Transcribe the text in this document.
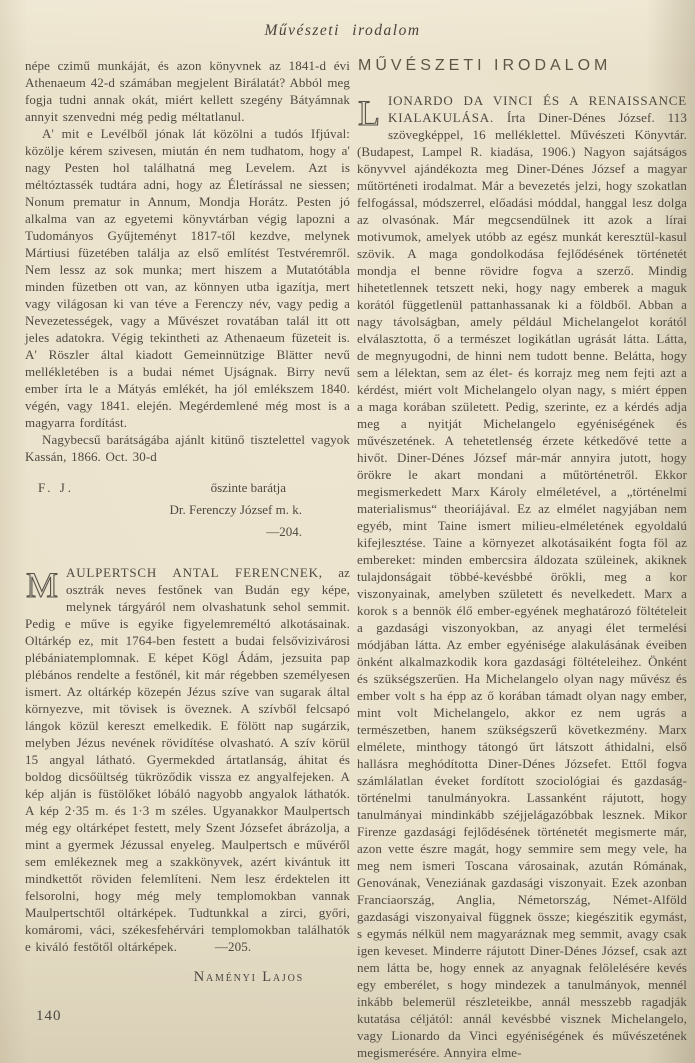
Művészeti irodalom

népe czimű munkáját, és azon könyvnek az 1841-d évi Athenaeum 42-d számában megjelent Birálatát? Abból meg fogja tudni annak okát, miért kellett szegény Bátyámnak annyit szenvedni még pedig méltatlanul.

A' mit e Levélből jónak lát közölni a tudós Ifjúval: közölje kérem szivesen, miután én nem tudhatom, hogy a' nagy Pesten hol találhatná meg Levelem. Azt is méltóztassék tudtára adni, hogy az Életírással ne siessen; Nonum prematur in Annum, Mondja Horátz. Pesten jó alkalma van az egyetemi könyvtárban végig lapozni a Tudományos Gyűjteményt 1817-től kezdve, melynek Mártiusi füzetében találja az első említést Testvéremről. Nem lessz az sok munka; mert hiszem a Mutatótábla minden füzetben ott van, az könnyen utba igazítja, mert vagy világosan ki van téve a Ferenczy név, vagy pedig a Nevezetességek, vagy a Művészet rovatában talál itt ott jeles adatokra. Végig tekintheti az Athenaeum füzeteit is. A' Röszler által kiadott Gemeinnützige Blätter nevű mellékletében is a budai német Ujságnak. Birry nevű ember írta le a Mátyás emlékét, ha jól emlékszem 1840. végén, vagy 1841. elején. Megérdemlené még most is a magyarra fordítást.

Nagybecsű barátságába ajánlt kitünő tisztelettel vagyok Kassán, 1866. Oct. 30-d

F. J.	őszinte barátja
Dr. Ferenczy József m. k.
—204.

M AULPERTSCH ANTAL FERENCNEK, az osztrák neves festőnek van Budán egy képe, melynek tárgyáról nem olvashatunk sehol semmit. Pedig e műve is egyike figyelemreméltó alkotásainak. Oltárkép ez, mit 1764-ben festett a budai felsővizivárosi plébániatemplomnak. E képet Kögl Ádám, jezsuita pap plébános rendelte a festőnél, kit már régebben személyesen ismert. Az oltárkép közepén Jézus szíve van sugarak által környezve, mit tövisek is öveznek. A szívből felcsapó lángok közül kereszt emelkedik. E fölött nap sugárzik, melyben Jézus nevének rövidítése olvasható. A szív körül 15 angyal látható. Gyermekded ártatlanság, áhitat és boldog dicsőültség tükröződik vissza ez angyalfejeken. A kép alján is füstölőket lóbáló nagyobb angyalok láthatók. A kép 2·35 m. és 1·3 m széles. Ugyanakkor Maulpertsch még egy oltárképet festett, mely Szent Józsefet ábrázolja, a mint a gyermek Jézussal enyeleg. Maulpertsch e művéről sem emlékeznek meg a szakkönyvek, azért kivántuk itt mindkettőt röviden felemlíteni. Nem lesz érdektelen itt felsorolni, hogy még mely templomokban vannak Maulpertschtől oltárképek. Tudtunkkal a zirci, győri, komáromi, váci, székesfehérvári templomokban találhatók e kiváló festőtől oltárképek.	—205.

Naményi Lajos
MŰVÉSZETI IRODALOM

L IONARDO DA VINCI ÉS A RENAISSANCE KIALAKULÁSA. Írta Diner-Dénes József. 113 szövegképpel, 16 melléklettel. Művészeti Könyvtár. (Budapest, Lampel R. kiadása, 1906.) Nagyon sajátságos könyvvel ajándékozta meg Diner-Dénes József a magyar műtörténeti irodalmat. Már a bevezetés jelzi, hogy szokatlan felfogással, módszerrel, előadási móddal, hanggal lesz dolga az olvasónak. Már megcsendülnek itt azok a lírai motivumok, amelyek utóbb az egész munkát keresztül-kasul szövik. A maga gondolkodása fejlődésének történetét mondja el benne rövidre fogva a szerző. Mindig hihetetlennek tetszett neki, hogy nagy emberek a maguk korától függetlenül pattanhassanak ki a földből. Abban a nagy távolságban, amely például Michelangelot korától elválasztotta, ő a természet logikátlan ugrását látta. Látta, de megnyugodni, de hinni nem tudott benne. Belátta, hogy sem a lélektan, sem az élet- és korrajz meg nem fejti azt a kérdést, miért volt Michelangelo olyan nagy, s miért éppen a maga korában született. Pedig, szerinte, ez a kérdés adja meg a nyitját Michelangelo egyéniségének és művészetének. A tehetetlenség érzete kétkedővé tette a hivőt. Diner-Dénes József már-már annyira jutott, hogy örökre le akart mondani a műtörténetről. Ekkor megismerkedett Marx Károly elméletével, a „történelmi materialismus“ theoriájával. Ez az elmélet nagyjában nem egyéb, mint Taine ismert milieu-elméletének egyoldalú kifejlesztése. Taine a környezet alkotásaiként fogta föl az embereket: minden embercsira áldozata szüleinek, akiknek tulajdonságait többé-kevésbbé örökli, meg a kor viszonyainak, amelyben született és nevelkedett. Marx a korok s a bennök élő ember-egyének meghatározó föltételeit a gazdasági viszonyokban, az anyagi élet termelési módjában látta. Az ember egyénisége alakulásának éveiben önként alkalmazkodik kora gazdasági föltételeihez. Önként és szükségszerűen. Ha Michelangelo olyan nagy művész és ember volt s ha épp az ő korában támadt olyan nagy ember, mint volt Michelangelo, akkor ez nem ugrás a természetben, hanem szükségszerű következmény. Marx elmélete, minthogy tátongó űrt látszott áthidalni, első hallásra meghódította Diner-Dénes Józsefet. Ettől fogva számlálatlan éveket fordított szociológiai és gazdaság-történelmi tanulmányokra. Lassanként rájutott, hogy tanulmányai mindinkább széjjelágazóbbak lesznek. Mikor Firenze gazdasági fejlődésének történetét megismerte már, azon vette észre magát, hogy semmire sem megy vele, ha meg nem ismeri Toscana városainak, azután Rómának, Genovának, Veneziának gazdasági viszonyait. Ezek azonban Franciaország, Anglia, Németország, Német-Alföld gazdasági viszonyaival függnek össze; kiegészitik egymást, s egymás nélkül nem magyaráznak meg semmit, avagy csak igen keveset. Minderre rájutott Diner-Dénes József, csak azt nem látta be, hogy ennek az anyagnak felölelésére kevés egy emberélet, s hogy mindezek a tanulmányok, mennél inkább belemerül részleteikbe, annál messzebb ragadják kutatása céljától: annál kevésbbé visznek Michelangelo, vagy Lionardo da Vinci egyéniségének és művészetének megismerésére. Annyira elme-

140
